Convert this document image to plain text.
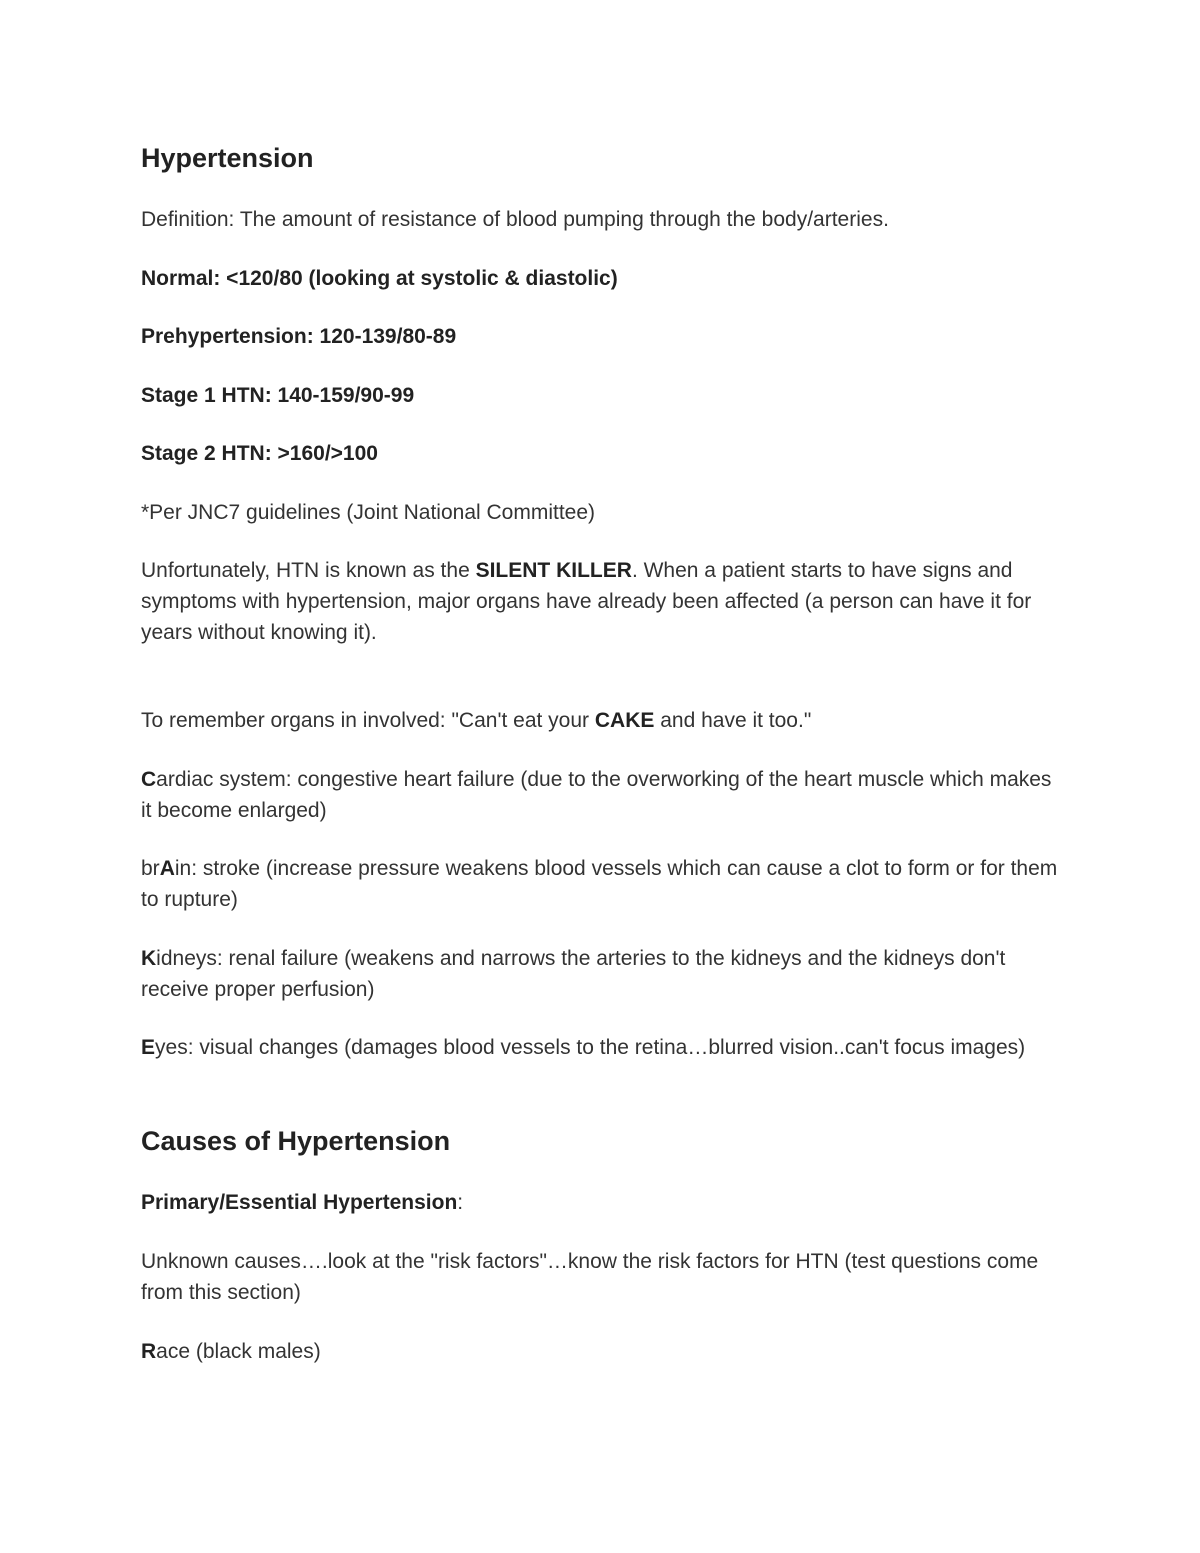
Hypertension

Definition: The amount of resistance of blood pumping through the body/arteries.

Normal: <120/80 (looking at systolic & diastolic)

Prehypertension: 120-139/80-89

Stage 1 HTN: 140-159/90-99

Stage 2 HTN: >160/>100

*Per JNC7 guidelines (Joint National Committee)

Unfortunately, HTN is known as the SILENT KILLER. When a patient starts to have signs and symptoms with hypertension, major organs have already been affected (a person can have it for years without knowing it).

To remember organs in involved: "Can't eat your CAKE and have it too."

Cardiac system: congestive heart failure (due to the overworking of the heart muscle which makes it become enlarged)

brAin: stroke (increase pressure weakens blood vessels which can cause a clot to form or for them to rupture)

Kidneys: renal failure (weakens and narrows the arteries to the kidneys and the kidneys don't receive proper perfusion)

Eyes: visual changes (damages blood vessels to the retina…blurred vision..can't focus images)

Causes of Hypertension

Primary/Essential Hypertension:

Unknown causes….look at the "risk factors"…know the risk factors for HTN (test questions come from this section)

Race (black males)
